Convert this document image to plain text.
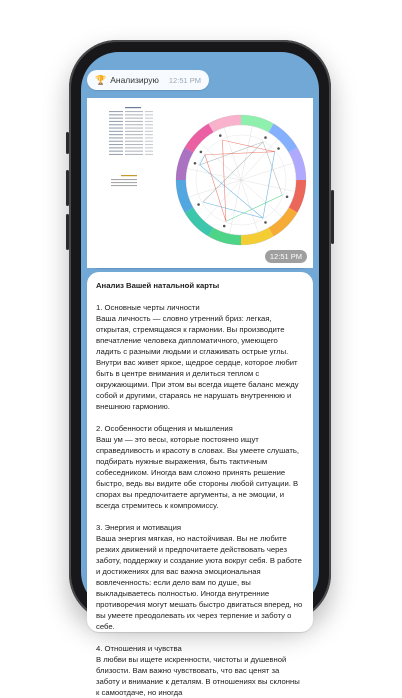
🏆 Анализирую 12:51 PM
12:51 PM

Анализ Вашей натальной карты

1. Основные черты личности
Ваша личность — словно утренний бриз: легкая, открытая, стремящаяся к гармонии. Вы производите впечатление человека дипломатичного, умеющего ладить с разными людьми и сглаживать острые углы. Внутри вас живет яркое, щедрое сердце, которое любит быть в центре внимания и делиться теплом с окружающими. При этом вы всегда ищете баланс между собой и другими, стараясь не нарушать внутреннюю и внешнюю гармонию.

2. Особенности общения и мышления
Ваш ум — это весы, которые постоянно ищут справедливость и красоту в словах. Вы умеете слушать, подбирать нужные выражения, быть тактичным собеседником. Иногда вам сложно принять решение быстро, ведь вы видите обе стороны любой ситуации. В спорах вы предпочитаете аргументы, а не эмоции, и всегда стремитесь к компромиссу.

3. Энергия и мотивация
Ваша энергия мягкая, но настойчивая. Вы не любите резких движений и предпочитаете действовать через заботу, поддержку и создание уюта вокруг себя. В работе и достижениях для вас важна эмоциональная вовлеченность: если дело вам по душе, вы выкладываетесь полностью. Иногда внутренние противоречия могут мешать быстро двигаться вперед, но вы умеете преодолевать их через терпение и заботу о себе.

4. Отношения и чувства
В любви вы ищете искренности, чистоты и душевной близости. Вам важно чувствовать, что вас ценят за заботу и внимание к деталям. В отношениях вы склонны к самоотдаче, но иногда
